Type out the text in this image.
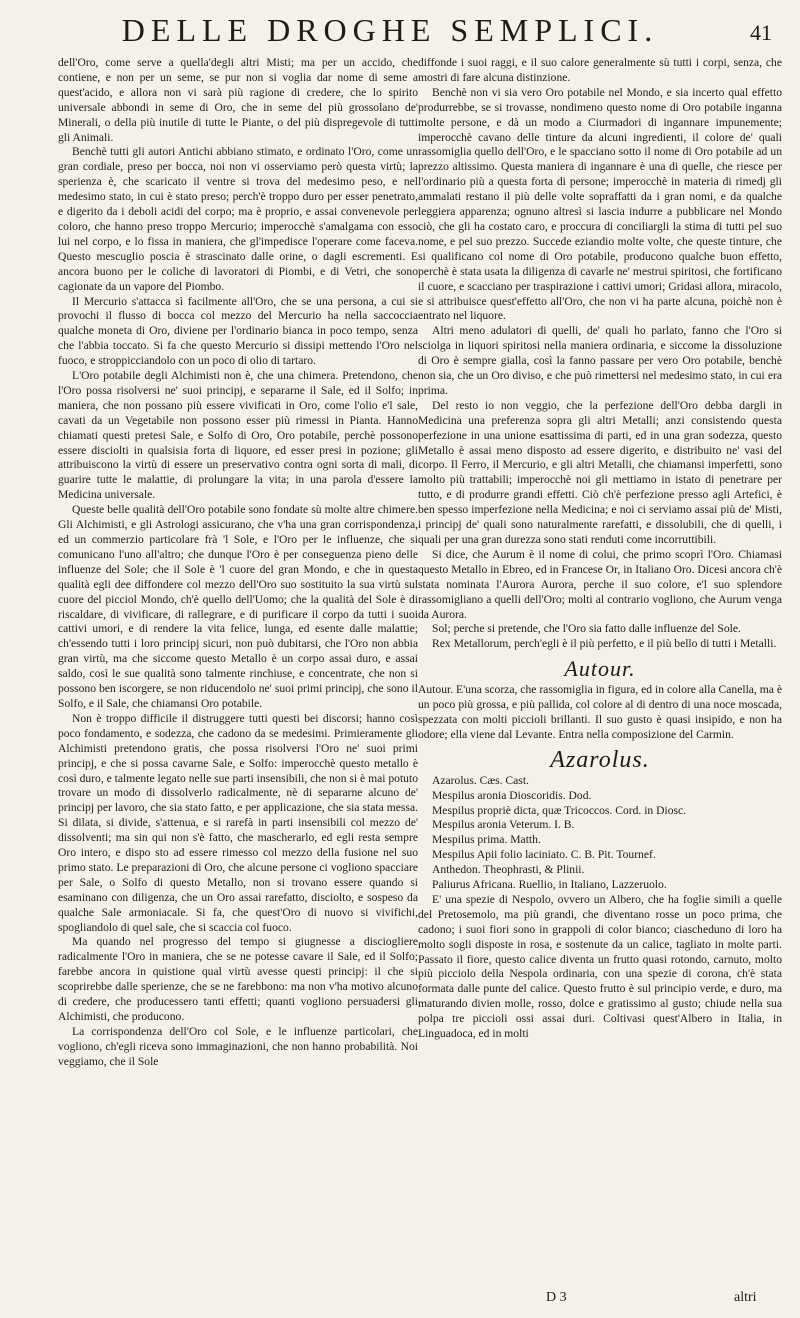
DELLE DROGHE SEMPLICI.	41

dell'Oro, come serve a quella'degli altri Misti; ma per un accido, che contiene, e non per un seme, se pur non si voglia dar nome di seme a quest'acido, e allora non vi sarà più ragione di credere, che lo spirito universale abbondi in seme di Oro, che in seme del più grossolano de' Minerali, o della più inutile di tutte le Piante, o del più dispregevole di tutti gli Animali.

Benchè tutti gli autori Antichi abbiano stimato, e ordinato l'Oro, come un gran cordiale, preso per bocca, noi non vi osserviamo però questa virtù; la sperienza è, che scaricato il ventre si trova del medesimo peso, e nel medesimo stato, in cui è stato preso; perch'è troppo duro per esser penetrato, e digerito da i deboli acidi del corpo; ma è proprio, e assai convenevole per coloro, che hanno preso troppo Mercurio; imperocchè s'amalgama con esso lui nel corpo, e lo fissa in maniera, che gl'impedisce l'operare come faceva. Questo mescuglio poscia è strascinato dalle orine, o dagli escrementi. E ancora buono per le coliche di lavoratori di Piombi, e di Vetri, che sono cagionate da un vapore del Piombo.

Il Mercurio s'attacca sì facilmente all'Oro, che se una persona, a cui si provochi il flusso di bocca col mezzo del Mercurio ha nella saccoccia qualche moneta di Oro, diviene per l'ordinario bianca in poco tempo, senza che l'abbia toccato. Si fa che questo Mercurio si dissipi mettendo l'Oro nel fuoco, e stroppicciandolo con un poco di olio di tartaro.

L'Oro potabile degli Alchimisti non è, che una chimera. Pretendono, che l'Oro possa risolversi ne' suoi principj, e separarne il Sale, ed il Solfo; in maniera, che non possano più essere vivificati in Oro, come l'olio e'l sale, cavati da un Vegetabile non possono esser più rimessi in Pianta. Hanno chiamati questi pretesi Sale, e Solfo di Oro, Oro potabile, perchè possono essere disciolti in qualsisia forta di liquore, ed esser presi in pozione; gli attribuiscono la virtù di essere un preservativo contra ogni sorta di mali, di guarire tutte le malattie, di prolungare la vita; in una parola d'essere la Medicina universale.

Queste belle qualità dell'Oro potabile sono fondate sù molte altre chimere. Gli Alchimisti, e gli Astrologi assicurano, che v'ha una gran corrispondenza, ed un commerzio particolare frà 'l Sole, e l'Oro per le influenze, che si comunicano l'uno all'altro; che dunque l'Oro è per conseguenza pieno delle influenze del Sole; che il Sole è 'l cuore del gran Mondo, e che in questa qualità egli dee diffondere col mezzo dell'Oro suo sostituito la sua virtù sul cuore del picciol Mondo, ch'è quello dell'Uomo; che la qualità del Sole è di riscaldare, di vivificare, di rallegrare, e di purificare il corpo da tutti i suoi cattivi umori, e di rendere la vita felice, lunga, ed esente dalle malattie; ch'essendo tutti i loro principj sicuri, non può dubitarsi, che l'Oro non abbia gran virtù, ma che siccome questo Metallo è un corpo assai duro, e assai saldo, così le sue qualità sono talmente rinchiuse, e concentrate, che non si possono ben iscorgere, se non riducendolo ne' suoi primi principj, che sono il Solfo, e il Sale, che chiamansi Oro potabile.

Non è troppo difficile il distruggere tutti questi bei discorsi; hanno così poco fondamento, e sodezza, che cadono da se medesimi. Primieramente gli Alchimisti pretendono gratis, che possa risolversi l'Oro ne' suoi primi principj, e che si possa cavarne Sale, e Solfo: imperocchè questo metallo è così duro, e talmente legato nelle sue parti insensibili, che non si è mai potuto trovare un modo di dissolverlo radicalmente, nè di separarne alcuno de' principj per lavoro, che sia stato fatto, e per applicazione, che sia stata messa. Si dilata, si divide, s'attenua, e si rarefà in parti insensibili col mezzo de' dissolventi; ma sin qui non s'è fatto, che mascherarlo, ed egli resta sempre Oro intero, e dispo sto ad essere rimesso col mezzo della fusione nel suo primo stato. Le preparazioni di Oro, che alcune persone ci vogliono spacciare per Sale, o Solfo di questo Metallo, non si trovano essere quando si esaminano con diligenza, che un Oro assai rarefatto, disciolto, e sospeso da qualche Sale armoniacale. Si fa, che quest'Oro di nuovo si vivifichi, spogliandolo di quel sale, che si scaccia col fuoco.

Ma quando nel progresso del tempo si giugnesse a disciogliere radicalmente l'Oro in maniera, che se ne potesse cavare il Sale, ed il Solfo; farebbe ancora in quistione qual virtù avesse questi principj: il che si scoprirebbe dalle sperienze, che se ne farebbono: ma non v'ha motivo alcuno di credere, che producessero tanti effetti; quanti vogliono persuadersi gli Alchimisti, che producono.

La corrispondenza dell'Oro col Sole, e le influenze particolari, che vogliono, ch'egli riceva sono immaginazioni, che non hanno probabilità. Noi veggiamo, che il Sole

diffonde i suoi raggi, e il suo calore generalmente sù tutti i corpi, senza, che mostri di fare alcuna distinzione.

Benchè non vi sia vero Oro potabile nel Mondo, e sia incerto qual effetto produrrebbe, se si trovasse, nondimeno questo nome di Oro potabile inganna molte persone, e dà un modo a Ciurmadori di ingannare impunemente; imperocchè cavano delle tinture da alcuni ingredienti, il colore de' quali rassomiglia quello dell'Oro, e le spacciano sotto il nome di Oro potabile ad un prezzo altissimo. Questa maniera di ingannare è una di quelle, che riesce per l'ordinario più a questa forta di persone; imperocchè in materia di rimedj gli ammalati restano il più delle volte sopraffatti da i gran nomi, e da qualche leggiera apparenza; ognuno altresì si lascia indurre a pubblicare nel Mondo ciò, che gli ha costato caro, e proccura di conciliargli la stima di tutti pel suo nome, e pel suo prezzo. Succede eziandio molte volte, che queste tinture, che si qualificano col nome di Oro potabile, producono qualche buon effetto, perchè è stata usata la diligenza di cavarle ne' mestrui spiritosi, che fortificano il cuore, e scacciano per traspirazione i cattivi umori; Gridasi allora, miracolo, e si attribuisce quest'effetto all'Oro, che non vi ha parte alcuna, poichè non è entrato nel liquore.

Altri meno adulatori di quelli, de' quali ho parlato, fanno che l'Oro si sciolga in liquori spiritosi nella maniera ordinaria, e siccome la dissoluzione di Oro è sempre gialla, così la fanno passare per vero Oro potabile, benchè non sia, che un Oro diviso, e che può rimettersi nel medesimo stato, in cui era prima.

Del resto io non veggio, che la perfezione dell'Oro debba dargli in Medicina una preferenza sopra gli altri Metalli; anzi consistendo questa perfezione in una unione esattissima di parti, ed in una gran sodezza, questo Metallo è assai meno disposto ad essere digerito, e distribuito ne' vasi del corpo. Il Ferro, il Mercurio, e gli altri Metalli, che chiamansi imperfetti, sono molto più trattabili; imperocchè noi gli mettiamo in istato di penetrare per tutto, e di produrre grandi effetti. Ciò ch'è perfezione presso agli Artefici, è ben spesso imperfezione nella Medicina; e noi ci serviamo assai più de' Misti, i principj de' quali sono naturalmente rarefatti, e dissolubili, che di quelli, i quali per una gran durezza sono stati renduti come incorruttibili.

Si dice, che Aurum è il nome di colui, che primo scoprì l'Oro. Chiamasi questo Metallo in Ebreo, ed in Francese Or, in Italiano Oro. Dicesi ancora ch'è stata nominata l'Aurora Aurora, perche il suo colore, e'l suo splendore rassomigliano a quelli dell'Oro; molti al contrario vogliono, che Aurum venga da Aurora.

Sol; perche si pretende, che l'Oro sia fatto dalle influenze del Sole.

Rex Metallorum, perch'egli è il più perfetto, e il più bello di tutti i Metalli.

Autour.

Autour. E'una scorza, che rassomiglia in figura, ed in colore alla Canella, ma è un poco più grossa, e più pallida, col colore al di dentro di una noce moscada, spezzata con molti piccioli brillanti. Il suo gusto è quasi insipido, e non ha odore; ella viene dal Levante. Entra nella composizione del Carmin.

Azarolus.

Azarolus. Cæs. Cast.

Mespilus aronia Dioscoridis. Dod.

Mespilus propriè dicta, quæ Tricoccos. Cord. in Diosc.

Mespilus aronia Veterum. I. B.

Mespilus prima. Matth.

Mespilus Apii folio laciniato. C. B. Pit. Tournef.

Anthedon. Theophrasti, & Plinii.

Paliurus Africana. Ruellio, in Italiano, Lazzeruolo.

E' una spezie di Nespolo, ovvero un Albero, che ha foglie simili a quelle del Pretosemolo, ma più grandi, che diventano rosse un poco prima, che cadono; i suoi fiori sono in grappoli di color bianco; ciascheduno di loro ha molto sogli disposte in rosa, e sostenute da un calice, tagliato in molte parti. Passato il fiore, questo calice diventa un frutto quasi rotondo, carnuto, molto più picciolo della Nespola ordinaria, con una spezie di corona, ch'è stata formata dalle punte del calice. Questo frutto è sul principio verde, e duro, ma maturando divien molle, rosso, dolce e gratissimo al gusto; chiude nella sua polpa tre piccioli ossi assai duri. Coltivasi quest'Albero in Italia, in Linguadoca, ed in molti

D 3	altri
